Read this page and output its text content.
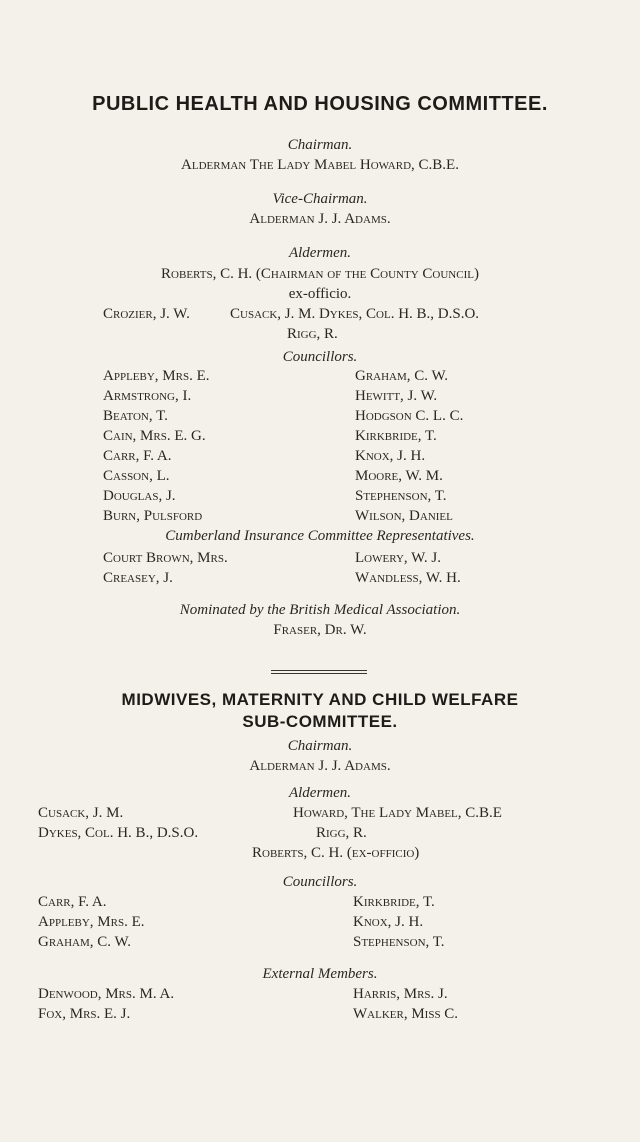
PUBLIC HEALTH AND HOUSING COMMITTEE.
Chairman.
Alderman The Lady Mabel Howard, C.B.E.
Vice-Chairman.
Alderman J. J. Adams.
Aldermen.
Roberts, C. H. (Chairman of the County Council)
ex-officio.
Crozier, J. W.	Cusack, J. M. Dykes, Col. H. B., D.S.O.
Rigg, R.
Councillors.
Appleby, Mrs. E.
Armstrong, I.
Beaton, T.
Cain, Mrs. E. G.
Carr, F. A.
Casson, L.
Douglas, J.
Burn, Pulsford
Graham, C. W.
Hewitt, J. W.
Hodgson C. L. C.
Kirkbride, T.
Knox, J. H.
Moore, W. M.
Stephenson, T.
Wilson, Daniel
Cumberland Insurance Committee Representatives.
Court Brown, Mrs.
Creasey, J.
Lowery, W. J.
Wandless, W. H.
Nominated by the British Medical Association.
Fraser, Dr. W.
MIDWIVES, MATERNITY AND CHILD WELFARE
SUB-COMMITTEE.
Chairman.
Alderman J. J. Adams.
Aldermen.
Cusack, J. M.
Dykes, Col. H. B., D.S.O.
Howard, The Lady Mabel, C.B.E
Rigg, R.
Roberts, C. H. (ex-officio)
Councillors.
Carr, F. A.
Appleby, Mrs. E.
Graham, C. W.
Kirkbride, T.
Knox, J. H.
Stephenson, T.
External Members.
Denwood, Mrs. M. A.
Fox, Mrs. E. J.
Harris, Mrs. J.
Walker, Miss C.
